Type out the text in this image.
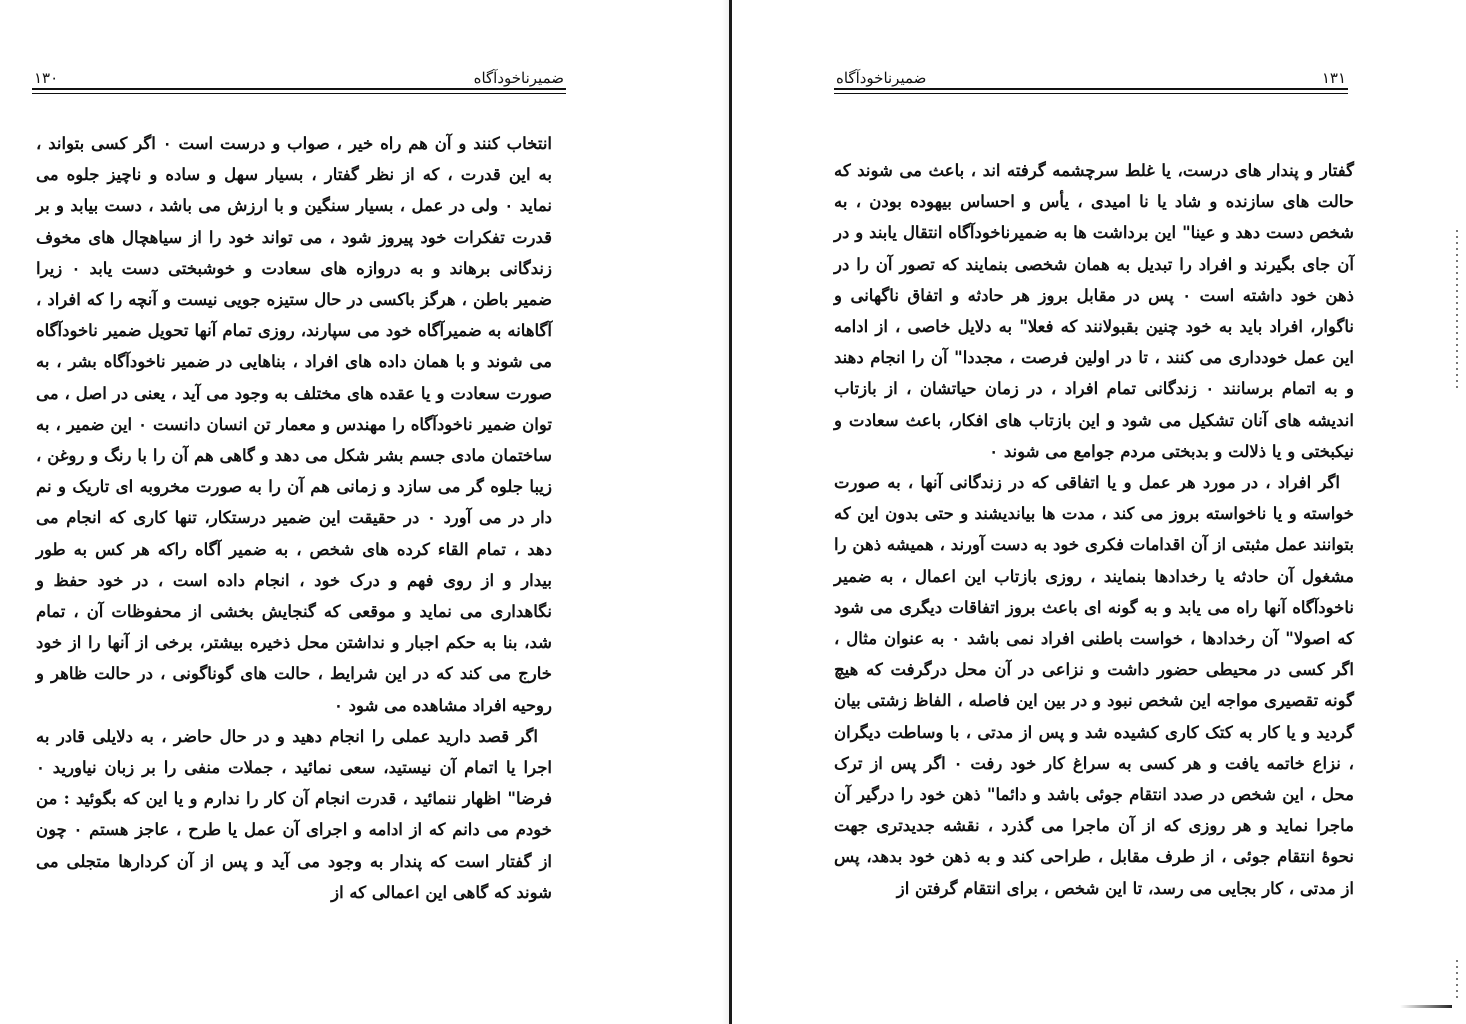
۱۳۰	ضمیرناخودآگاه

انتخاب کنند و آن هم راه خیر ، صواب و درست است ۰ اگر کسی بتواند ، به این قدرت ، که از نظر گفتار ، بسیار سهل و ساده و ناچیز جلوه می نماید ۰ ولی در عمل ، بسیار سنگین و با ارزش می باشد ، دست بیابد و بر قدرت تفکرات خود پیروز شود ، می تواند خود را از سیاهچال های مخوف زندگانی برهاند و به دروازه های سعادت و خوشبختی دست یابد ۰ زیرا ضمیر باطن ، هرگز باکسی در حال ستیزه جویی نیست و آنچه را که افراد ، آگاهانه به ضمیرآگاه خود می سپارند، روزی تمام آنها تحویل ضمیر ناخودآگاه می شوند و با همان داده های افراد ، بناهایی در ضمیر ناخودآگاه بشر ، به صورت سعادت و یا عقده های مختلف به وجود می آید ، یعنی در اصل ، می توان ضمیر ناخودآگاه را مهندس و معمار تن انسان دانست ۰ این ضمیر ، به ساختمان مادی جسم بشر شکل می دهد و گاهی هم آن را با رنگ و روغن ، زیبا جلوه گر می سازد و زمانی هم آن را به صورت مخروبه ای تاریک و نم دار در می آورد ۰ در حقیقت این ضمیر درستکار، تنها کاری که انجام می دهد ، تمام القاء کرده های شخص ، به ضمیر آگاه راکه هر کس به طور بیدار و از روی فهم و درک خود ، انجام داده است ، در خود حفظ و نگاهداری می نماید و موقعی که گنجایش بخشی از محفوظات آن ، تمام شد، بنا به حکم اجبار و نداشتن محل ذخیره بیشتر، برخی از آنها را از خود خارج می کند که در این شرایط ، حالت های گوناگونی ، در حالت ظاهر و روحیه افراد مشاهده می شود ۰

اگر قصد دارید عملی را انجام دهید و در حال حاضر ، به دلایلی قادر به اجرا یا اتمام آن نیستید، سعی نمائید ، جملات منفی را بر زبان نیاورید ۰ فرضا" اظهار ننمائید ، قدرت انجام آن کار را ندارم و یا این که بگوئید : من خودم می دانم که از ادامه و اجرای آن عمل یا طرح ، عاجز هستم ۰ چون از گفتار است که پندار به وجود می آید و پس از آن کردارها متجلی می شوند که گاهی این اعمالی که از

ضمیرناخودآگاه	۱۳۱

گفتار و پندار های درست، یا غلط سرچشمه گرفته اند ، باعث می شوند که حالت های سازنده و شاد یا نا امیدی ، یأس و احساس بیهوده بودن ، به شخص دست دهد و عینا" این برداشت ها به ضمیرناخودآگاه انتقال یابند و در آن جای بگیرند و افراد را تبدیل به همان شخصی بنمایند که تصور آن را در ذهن خود داشته است ۰ پس در مقابل بروز هر حادثه و اتفاق ناگهانی و ناگوار، افراد باید به خود چنین بقبولانند که فعلا" به دلایل خاصی ، از ادامه این عمل خودداری می کنند ، تا در اولین فرصت ، مجددا" آن را انجام دهند و به اتمام برسانند ۰ زندگانی تمام افراد ، در زمان حیاتشان ، از بازتاب اندیشه های آنان تشکیل می شود و این بازتاب های افکار، باعث سعادت و نیکبختی و یا ذلالت و بدبختی مردم جوامع می شوند ۰

اگر افراد ، در مورد هر عمل و یا اتفاقی که در زندگانی آنها ، به صورت خواسته و یا ناخواسته بروز می کند ، مدت ها بیاندیشند و حتی بدون این که بتوانند عمل مثبتی از آن اقدامات فکری خود به دست آورند ، همیشه ذهن را مشغول آن حادثه یا رخدادها بنمایند ، روزی بازتاب این اعمال ، به ضمیر ناخودآگاه آنها راه می یابد و به گونه ای باعث بروز اتفاقات دیگری می شود که اصولا" آن رخدادها ، خواست باطنی افراد نمی باشد ۰ به عنوان مثال ، اگر کسی در محیطی حضور داشت و نزاعی در آن محل درگرفت که هیچ گونه تقصیری مواجه این شخص نبود و در بین این فاصله ، الفاظ زشتی بیان گردید و یا کار به کتک کاری کشیده شد و پس از مدتی ، با وساطت دیگران ، نزاع خاتمه یافت و هر کسی به سراغ کار خود رفت ۰ اگر پس از ترک محل ، این شخص در صدد انتقام جوئی باشد و دائما" ذهن خود را درگیر آن ماجرا نماید و هر روزی که از آن ماجرا می گذرد ، نقشه جدیدتری جهت نحوهٔ انتقام جوئی ، از طرف مقابل ، طراحی کند و به ذهن خود بدهد، پس از مدتی ، کار بجایی می رسد، تا این شخص ، برای انتقام گرفتن از
